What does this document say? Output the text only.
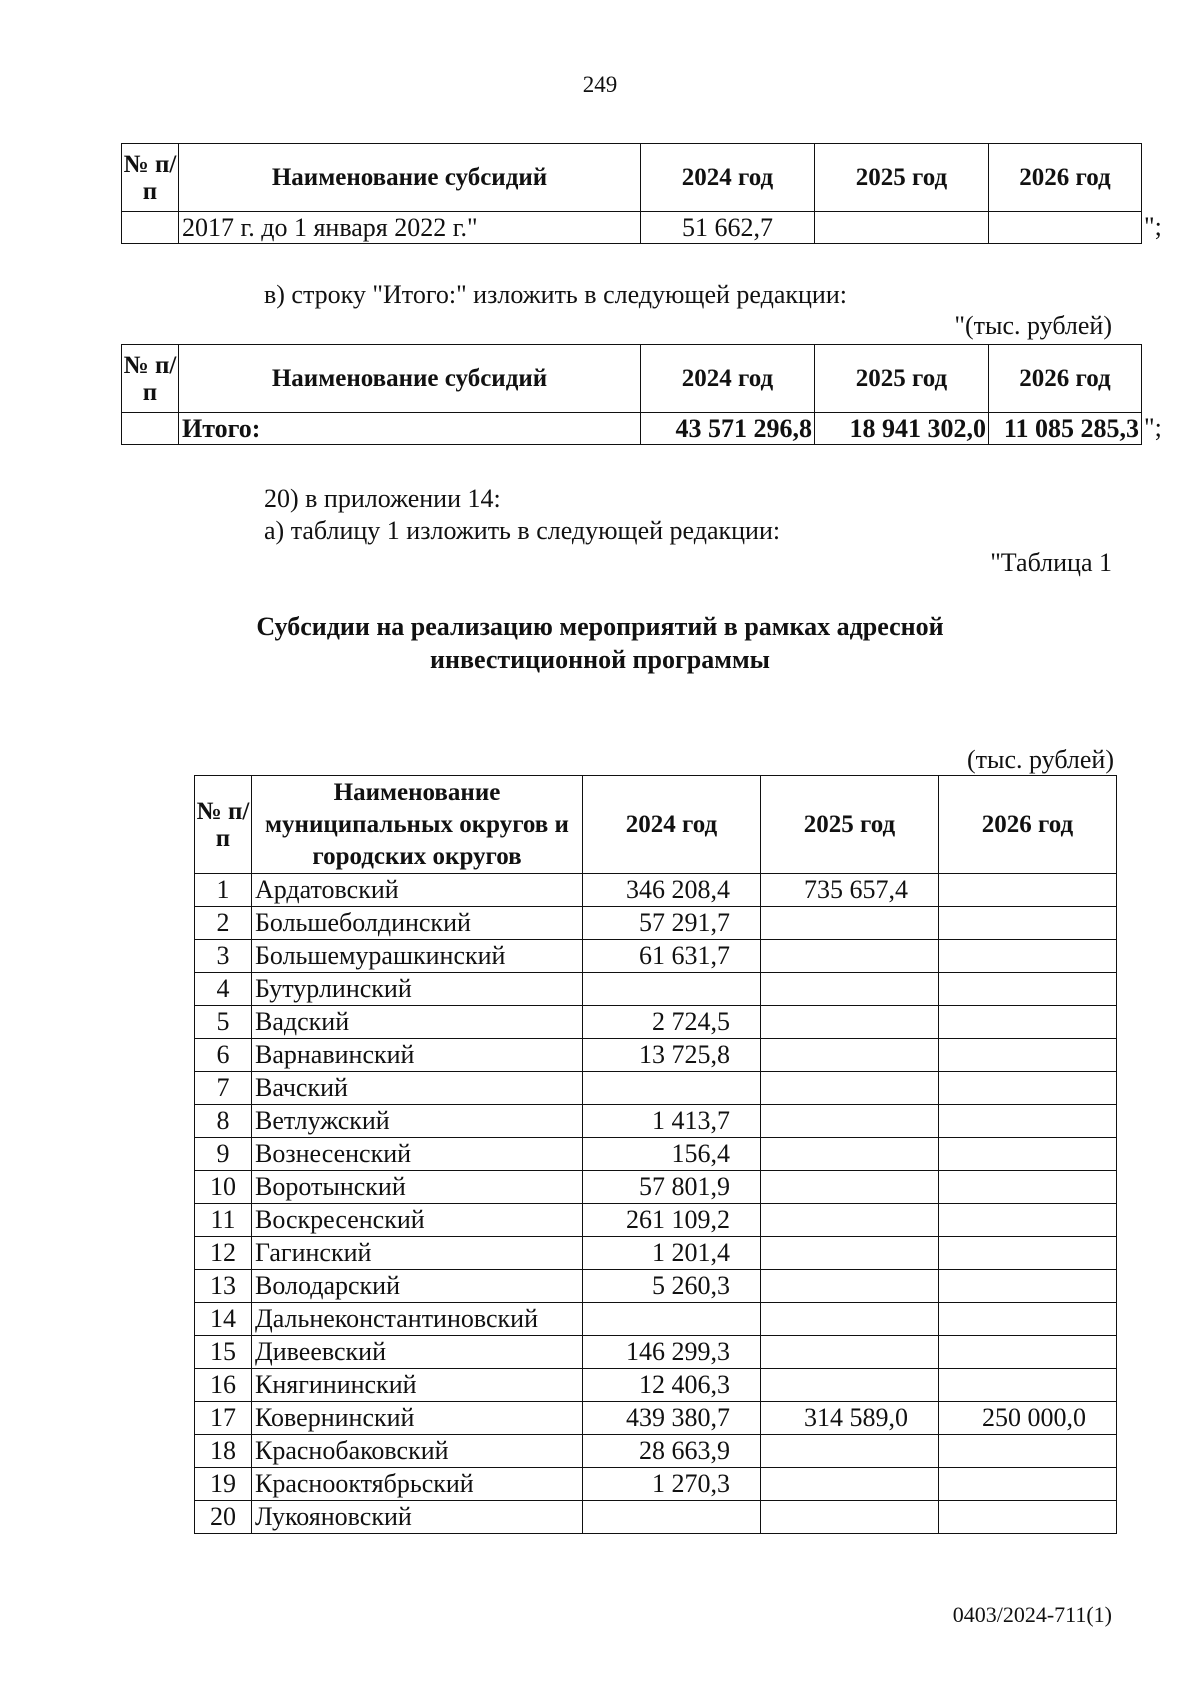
249
№ п/п	Наименование субсидий	2024 год	2025 год	2026 год
	2017 г. до 1 января 2022 г."	51 662,7			";
в) строку "Итого:" изложить в следующей редакции:
"(тыс. рублей)
№ п/п	Наименование субсидий	2024 год	2025 год	2026 год
	Итого:	43 571 296,8	18 941 302,0	11 085 285,3 ";
20) в приложении 14:
а) таблицу 1 изложить в следующей редакции:
"Таблица 1
Субсидии на реализацию мероприятий в рамках адресной
инвестиционной программы
(тыс. рублей)
№ п/п	Наименование муниципальных округов и городских округов	2024 год	2025 год	2026 год
1	Ардатовский	346 208,4	735 657,4	
2	Большеболдинский	57 291,7		
3	Большемурашкинский	61 631,7		
4	Бутурлинский			
5	Вадский	2 724,5		
6	Варнавинский	13 725,8		
7	Вачский			
8	Ветлужский	1 413,7		
9	Вознесенский	156,4		
10	Воротынский	57 801,9		
11	Воскресенский	261 109,2		
12	Гагинский	1 201,4		
13	Володарский	5 260,3		
14	Дальнеконстантиновский			
15	Дивеевский	146 299,3		
16	Княгининский	12 406,3		
17	Ковернинский	439 380,7	314 589,0	250 000,0
18	Краснобаковский	28 663,9		
19	Краснооктябрьский	1 270,3		
20	Лукояновский			
0403/2024-711(1)
